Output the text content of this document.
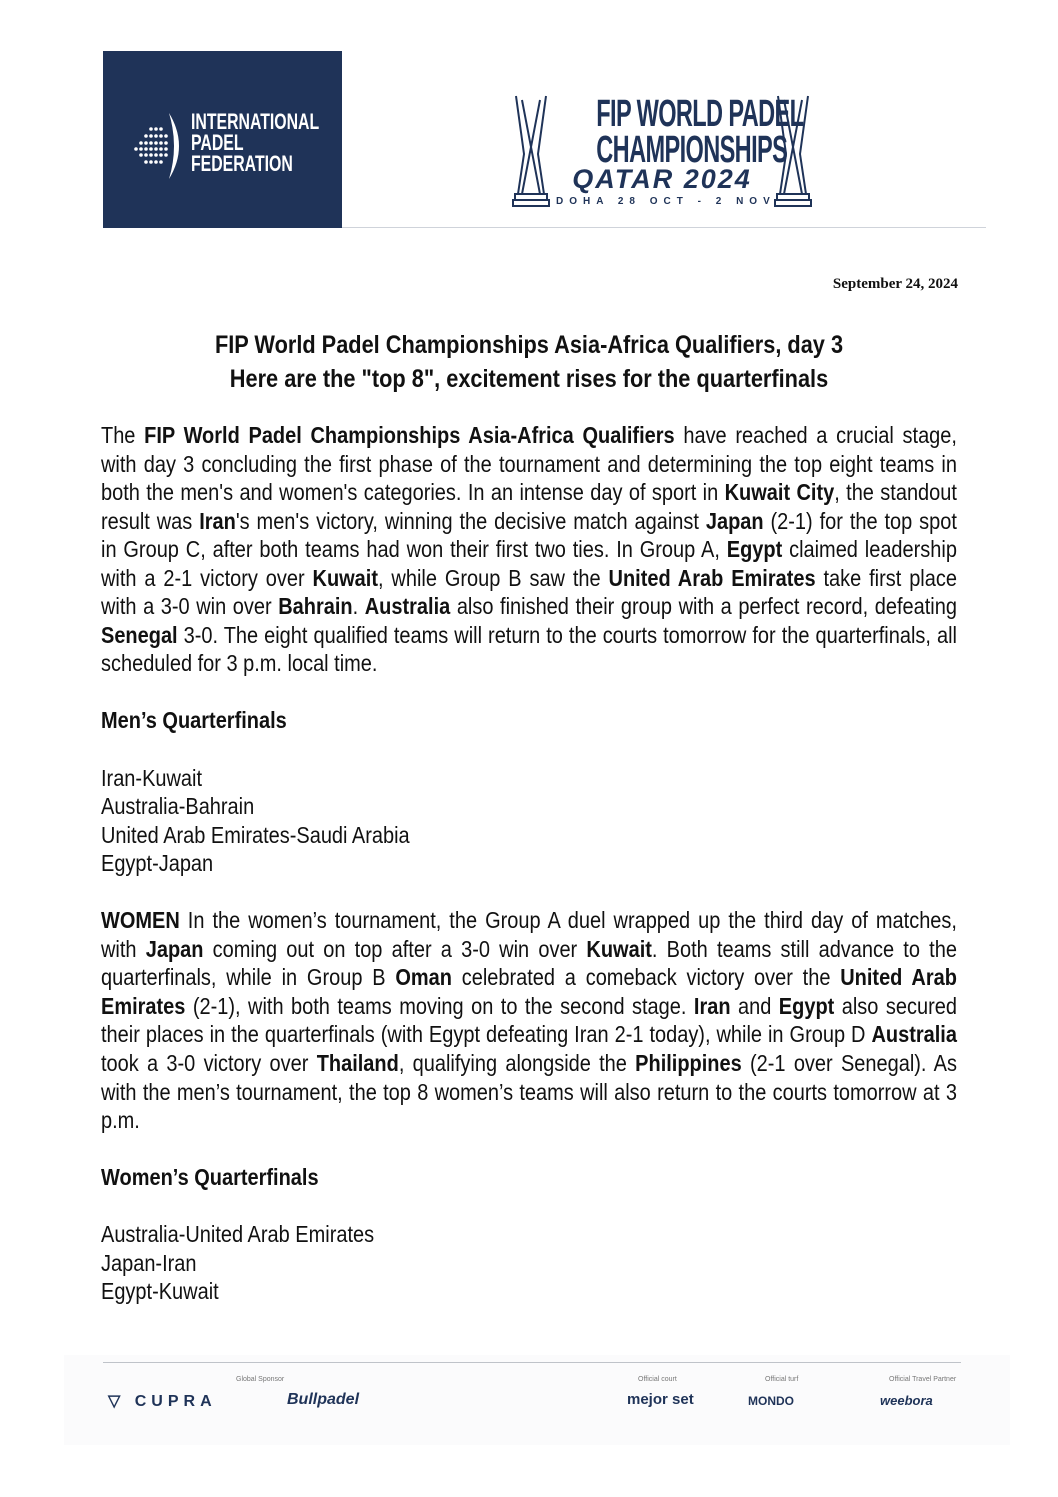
INTERNATIONAL
PADEL
FEDERATION
FIP WORLD PADEL
CHAMPIONSHIPS
QATAR 2024
DOHA 28 OCT - 2 NOV
September 24, 2024
FIP World Padel Championships Asia-Africa Qualifiers, day 3
Here are the "top 8", excitement rises for the quarterfinals

The FIP World Padel Championships Asia-Africa Qualifiers have reached a crucial stage, with day 3 concluding the first phase of the tournament and determining the top eight teams in both the men's and women's categories. In an intense day of sport in Kuwait City, the standout result was Iran's men's victory, winning the decisive match against Japan (2-1) for the top spot in Group C, after both teams had won their first two ties. In Group A, Egypt claimed leadership with a 2-1 victory over Kuwait, while Group B saw the United Arab Emirates take first place with a 3-0 win over Bahrain. Australia also finished their group with a perfect record, defeating Senegal 3-0. The eight qualified teams will return to the courts tomorrow for the quarterfinals, all scheduled for 3 p.m. local time.

Men’s Quarterfinals
Iran-Kuwait
Australia-Bahrain
United Arab Emirates-Saudi Arabia
Egypt-Japan

WOMEN In the women’s tournament, the Group A duel wrapped up the third day of matches, with Japan coming out on top after a 3-0 win over Kuwait. Both teams still advance to the quarterfinals, while in Group B Oman celebrated a comeback victory over the United Arab Emirates (2-1), with both teams moving on to the second stage. Iran and Egypt also secured their places in the quarterfinals (with Egypt defeating Iran 2-1 today), while in Group D Australia took a 3-0 victory over Thailand, qualifying alongside the Philippines (2-1 over Senegal). As with the men’s tournament, the top 8 women’s teams will also return to the courts tomorrow at 3 p.m.

Women’s Quarterfinals
Australia-United Arab Emirates
Japan-Iran
Egypt-Kuwait
Global Sponsor
▽ CUPRA	Bullpadel
Official court
mejor set
Official turf
MONDO
Official Travel Partner
weebora
